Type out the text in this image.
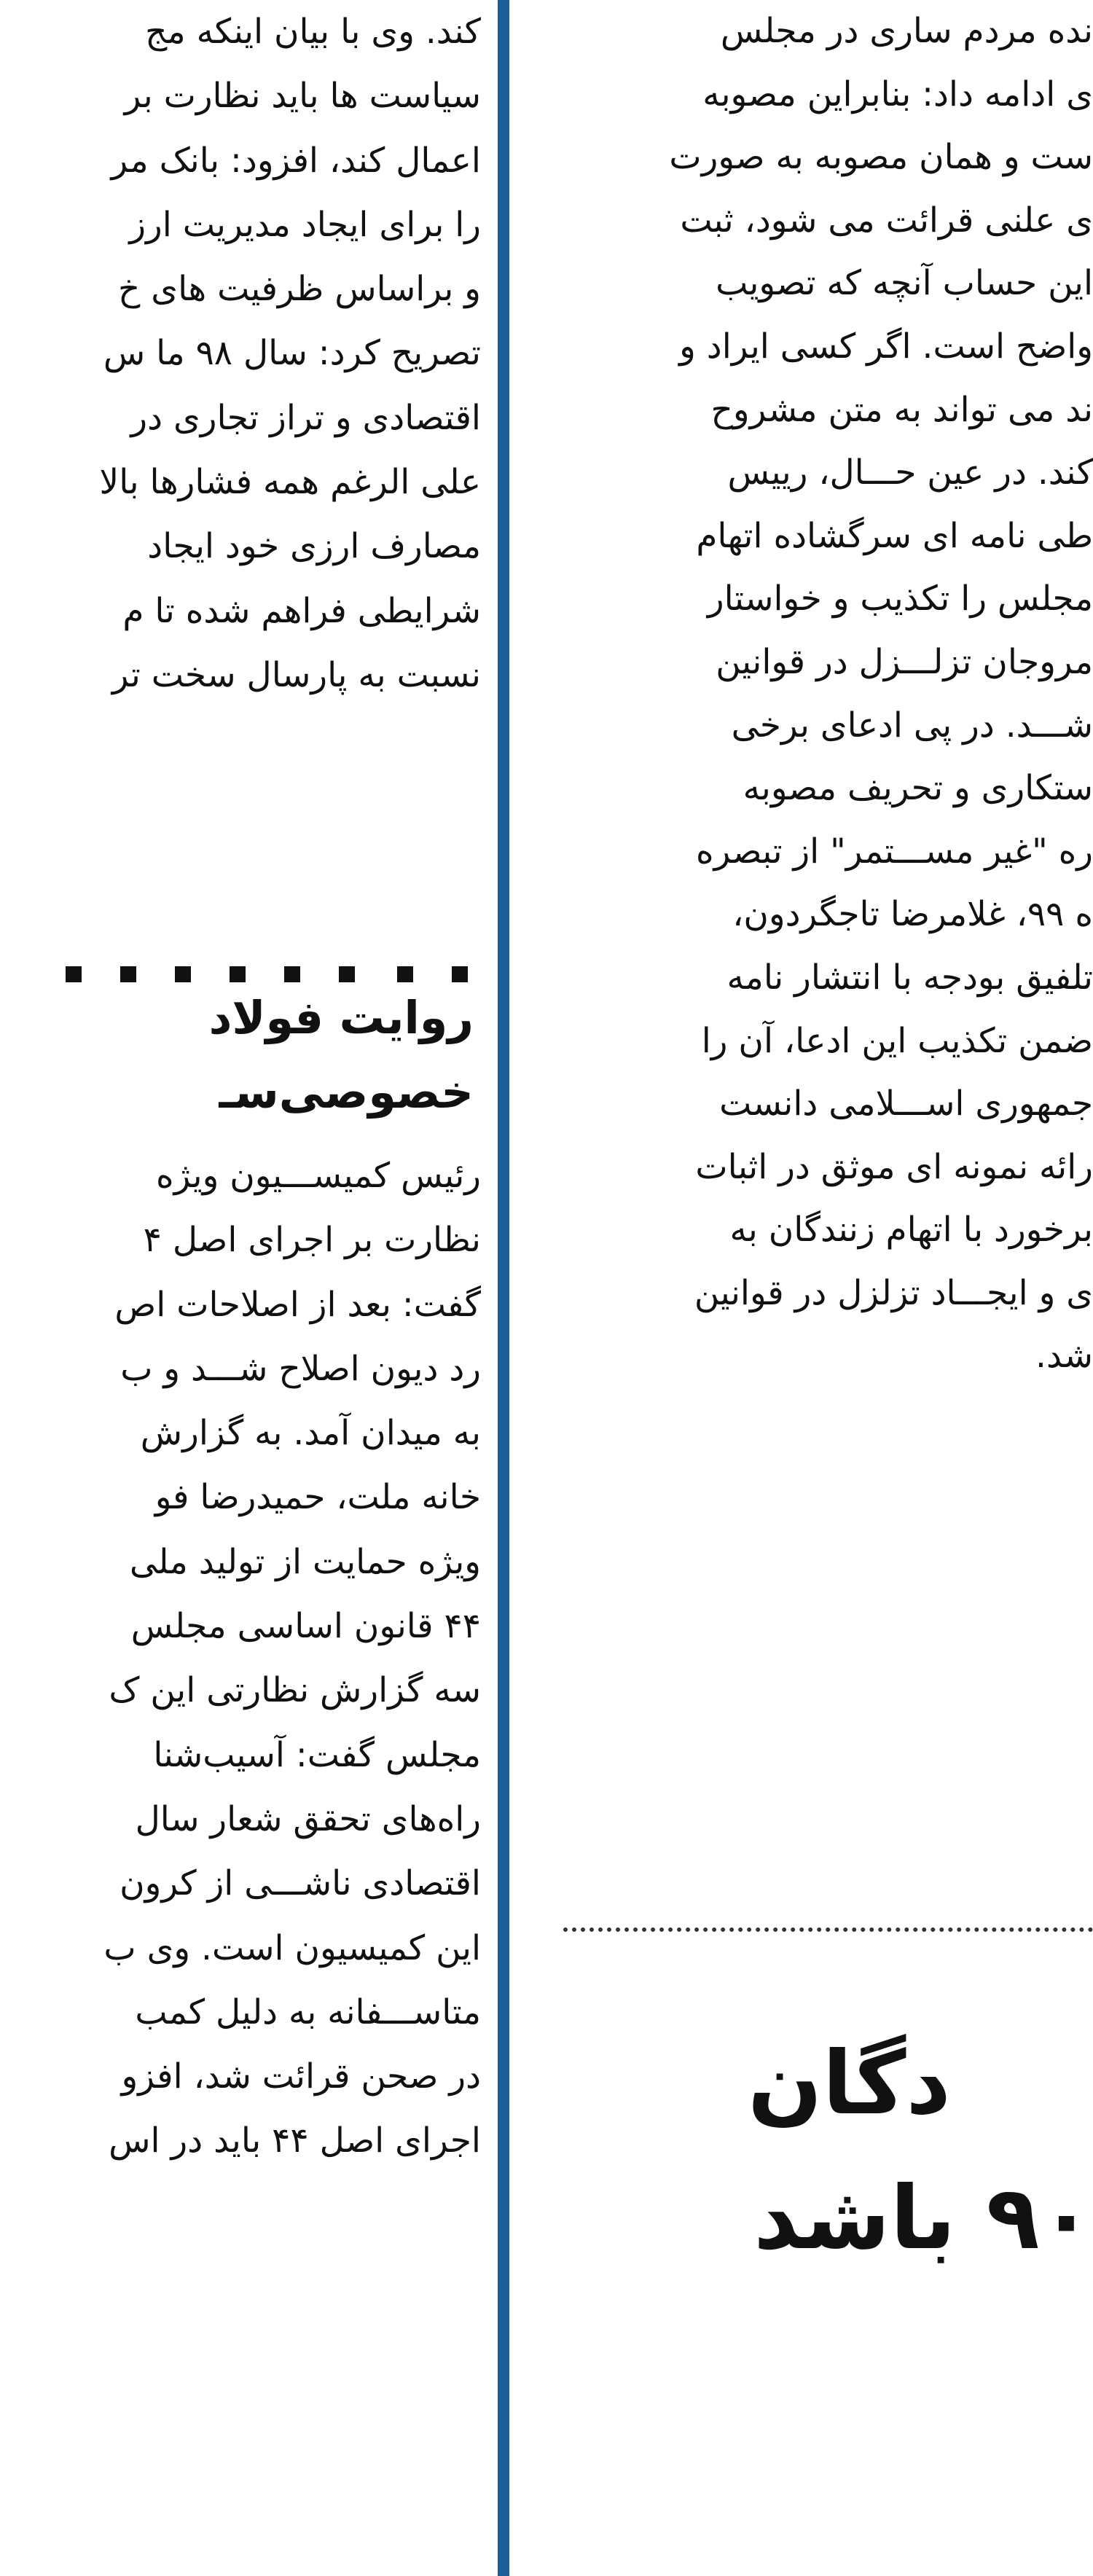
نده مردم ساری در مجلس

ی ادامه داد: بنابراین مصوبه

ست و همان مصوبه به صورت

ی علنی قرائت می شود، ثبت

این حساب آنچه که تصویب

واضح است. اگر کسی ایراد و

ند می تواند به متن مشروح

کند. در عین حـــال، رییس

طی نامه ای سرگشاده اتهام

مجلس را تکذیب و خواستار

مروجان تزلـــزل در قوانین

شـــد. در پی ادعای برخی

ستکاری و تحریف مصوبه

ره "غیر مســـتمر" از تبصره

ه ۹۹، غلامرضا تاجگردون،

تلفیق بودجه با انتشار نامه

ضمن تکذیب این ادعا، آن را

جمهوری اســـلامی دانست

رائه نمونه ای موثق در اثبات

برخورد با اتهام زنندگان به

ی و ایجـــاد تزلزل در قوانین

شد.

کند. وی با بیان اینکه مج

سیاست ها باید نظارت بر

اعمال کند، افزود: بانک مر

را برای ایجاد مدیریت ارز

و براساس ظرفیت های خ

تصریح کرد: سال ۹۸ ما س

اقتصادی و تراز تجاری در

علی الرغم همه فشارها بالا

مصارف ارزی خود ایجاد

شرایطی فراهم شده تا م

نسبت به پارسال سخت تر

روایت فولاد
خصوصی‌سـ

رئیس کمیســـیون ویژه

نظارت بر اجرای اصل ۴

گفت: بعد از اصلاحات اص

رد دیون اصلاح شـــد و ب

به میدان آمد. به گزارش

خانه ملت، حمیدرضا فو

ویژه حمایت از تولید ملی

۴۴ قانون اساسی مجلس

سه گزارش نظارتی این ک

مجلس گفت: آسیب‌شنا

راه‌های تحقق شعار سال

اقتصادی ناشـــی از کرون

این کمیسیون است. وی ب

متاســـفانه به دلیل کمب

در صحن قرائت شد، افزو

اجرای اصل ۴۴ باید در اس

دگان
۹۰ باشد
